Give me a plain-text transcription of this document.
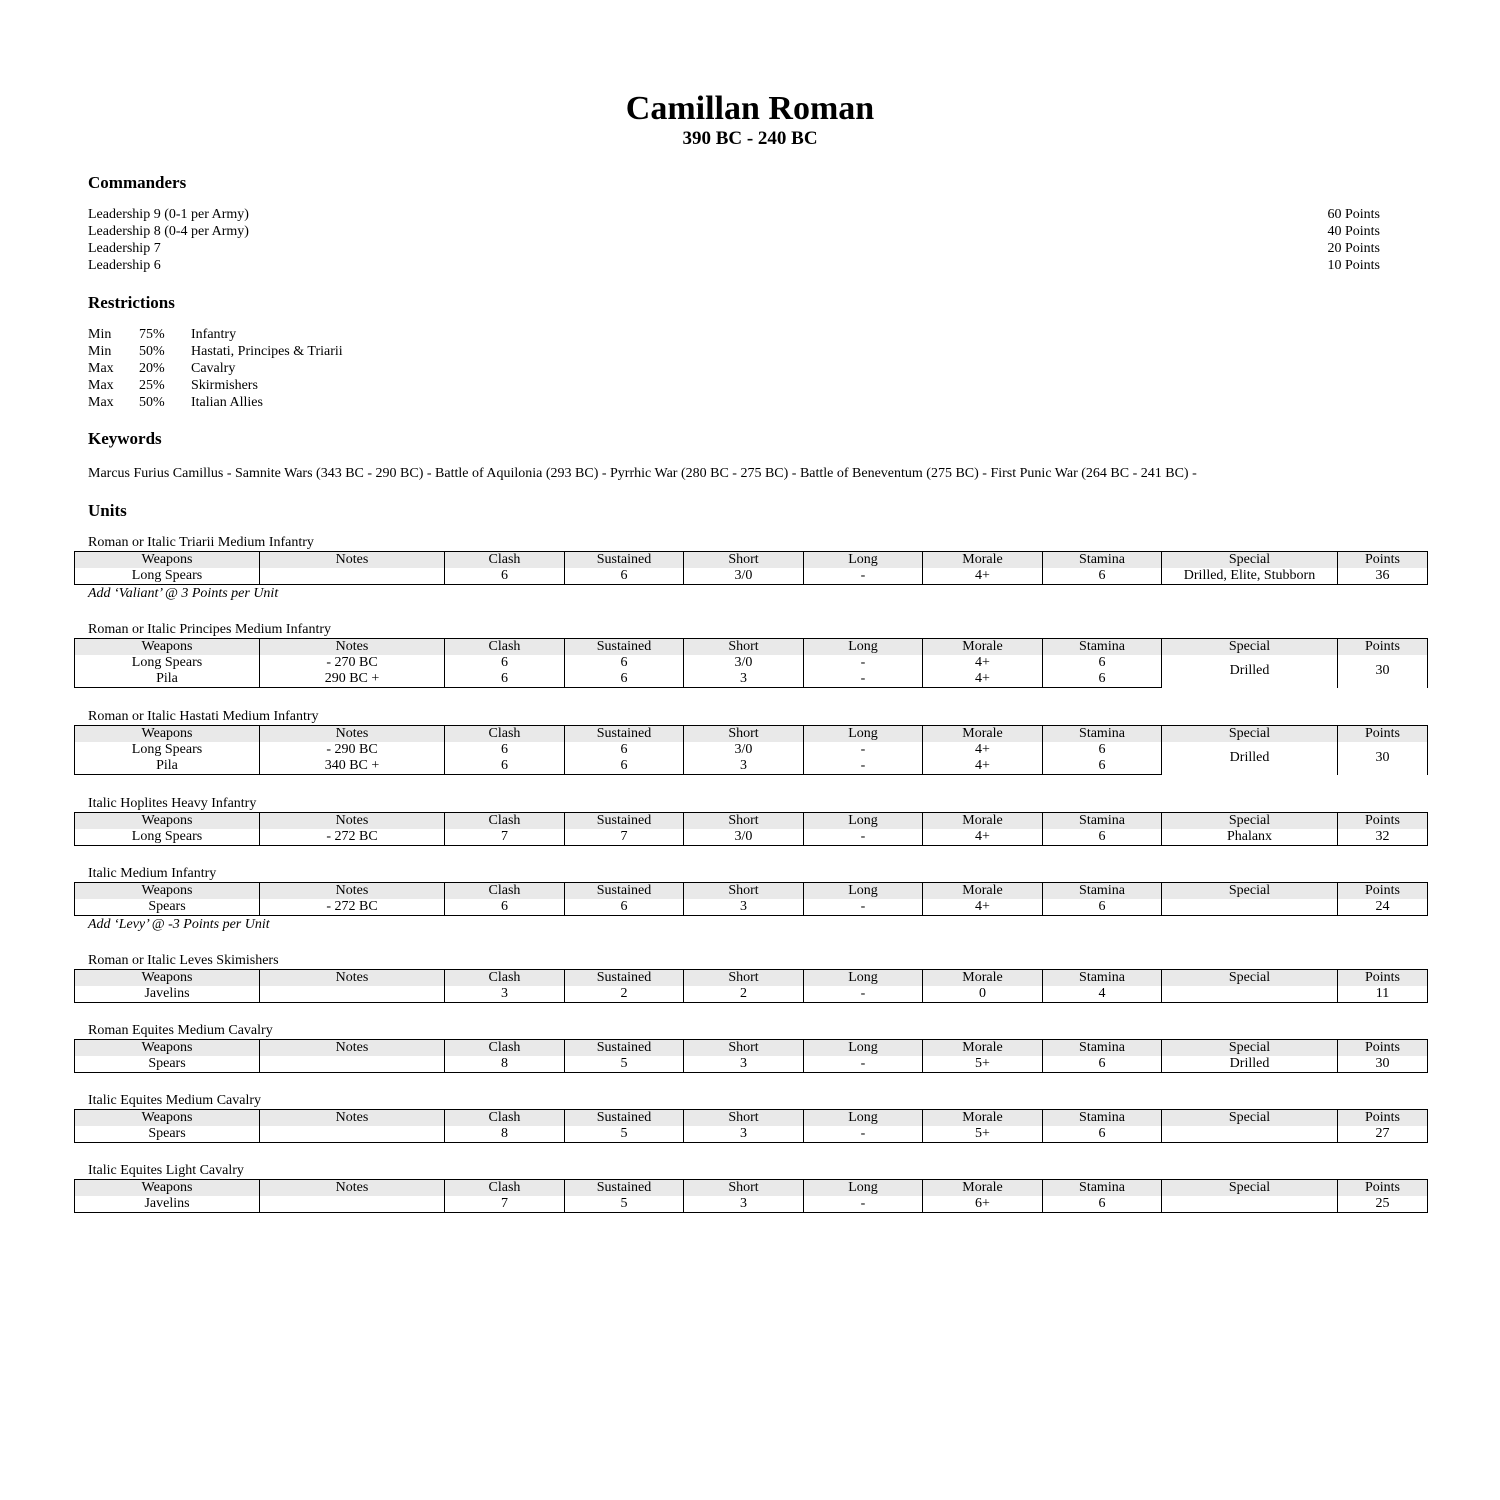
Camillan Roman
390 BC - 240 BC
Commanders
Leadership 9 (0-1 per Army)	60 Points
Leadership 8 (0-4 per Army)	40 Points
Leadership 7	20 Points
Leadership 6	10 Points
Restrictions
Min	75%	Infantry
Min	50%	Hastati, Principes & Triarii
Max	20%	Cavalry
Max	25%	Skirmishers
Max	50%	Italian Allies
Keywords
Marcus Furius Camillus - Samnite Wars (343 BC - 290 BC) - Battle of Aquilonia (293 BC) - Pyrrhic War (280 BC - 275 BC) - Battle of Beneventum (275 BC) - First Punic War (264 BC - 241 BC) -
Units
Roman or Italic Triarii Medium Infantry
Weapons	Notes	Clash	Sustained	Short	Long	Morale	Stamina	Special	Points
Long Spears		6	6	3/0	-	4+	6	Drilled, Elite, Stubborn	36
Add ‘Valiant’ @ 3 Points per Unit
Roman or Italic Principes Medium Infantry
Weapons	Notes	Clash	Sustained	Short	Long	Morale	Stamina	Special	Points
Long Spears	- 270 BC	6	6	3/0	-	4+	6	Drilled	30
Pila	290 BC +	6	6	3	-	4+	6		
Roman or Italic Hastati Medium Infantry
Weapons	Notes	Clash	Sustained	Short	Long	Morale	Stamina	Special	Points
Long Spears	- 290 BC	6	6	3/0	-	4+	6	Drilled	30
Pila	340 BC +	6	6	3	-	4+	6		
Italic Hoplites Heavy Infantry
Weapons	Notes	Clash	Sustained	Short	Long	Morale	Stamina	Special	Points
Long Spears	- 272 BC	7	7	3/0	-	4+	6	Phalanx	32
Italic Medium Infantry
Weapons	Notes	Clash	Sustained	Short	Long	Morale	Stamina	Special	Points
Spears	- 272 BC	6	6	3	-	4+	6		24
Add ‘Levy’ @ -3 Points per Unit
Roman or Italic Leves Skimishers
Weapons	Notes	Clash	Sustained	Short	Long	Morale	Stamina	Special	Points
Javelins		3	2	2	-	0	4		11
Roman Equites Medium Cavalry
Weapons	Notes	Clash	Sustained	Short	Long	Morale	Stamina	Special	Points
Spears		8	5	3	-	5+	6	Drilled	30
Italic Equites Medium Cavalry
Weapons	Notes	Clash	Sustained	Short	Long	Morale	Stamina	Special	Points
Spears		8	5	3	-	5+	6		27
Italic Equites Light Cavalry
Weapons	Notes	Clash	Sustained	Short	Long	Morale	Stamina	Special	Points
Javelins		7	5	3	-	6+	6		25
